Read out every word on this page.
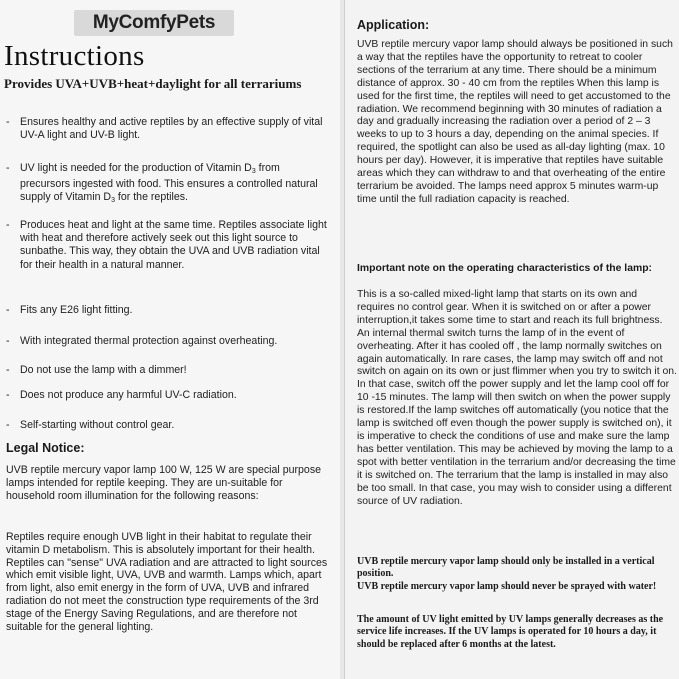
MyComfyPets
Instructions
Provides UVA+UVB+heat+daylight for all terrariums
- Ensures healthy and active reptiles by an effective supply of vital UV-A light and UV-B light.
- UV light is needed for the production of Vitamin $D_3$ from precursors ingested with food. This ensures a controlled natural supply of Vitamin $D_3$ for the reptiles.
- Produces heat and light at the same time. Reptiles associate light with heat and therefore actively seek out this light source to sunbathe. This way, they obtain the UVA and UVB radiation vital for their health in a natural manner.
- Fits any E26 light fitting.
- With integrated thermal protection against overheating.
- Do not use the lamp with a dimmer!
- Does not produce any harmful UV-C radiation.
- Self-starting without control gear.
Legal Notice:
UVB reptile mercury vapor lamp 100 W, 125 W are special purpose lamps intended for reptile keeping. They are un-suitable for household room illumination for the following reasons:
Reptiles require enough UVB light in their habitat to regulate their vitamin D metabolism. This is absolutely important for their health. Reptiles can "sense" UVA radiation and are attracted to light sources which emit visible light, UVA, UVB and warmth. Lamps which, apart from light, also emit energy in the form of UVA, UVB and infrared radiation do not meet the construction type requirements of the 3rd stage of the Energy Saving Regulations, and are therefore not suitable for the general lighting.
Application:
UVB reptile mercury vapor lamp should always be positioned in such a way that the reptiles have the opportunity to retreat to cooler sections of the terrarium at any time. There should be a minimum distance of approx. 30 - 40 cm from the reptiles When this lamp is used for the first time, the reptiles will need to get accustomed to the radiation. We recommend beginning with 30 minutes of radiation a day and gradually increasing the radiation over a period of 2 – 3 weeks to up to 3 hours a day, depending on the animal species. If required, the spotlight can also be used as all-day lighting (max. 10 hours per day). However, it is imperative that reptiles have suitable areas which they can withdraw to and that overheating of the entire terrarium be avoided. The lamps need approx 5 minutes warm-up time until the full radiation capacity is reached.
Important note on the operating characteristics of the lamp:
This is a so-called mixed-light lamp that starts on its own and requires no control gear. When it is switched on or after a power interruption,it takes some time to start and reach its full brightness. An internal thermal switch turns the lamp of in the event of overheating. After it has cooled off , the lamp normally switches on again automatically. In rare cases, the lamp may switch off and not switch on again on its own or just flimmer when you try to switch it on. In that case, switch off the power supply and let the lamp cool off for 10 -15 minutes. The lamp will then switch on when the power supply is restored.If the lamp switches off automatically (you notice that the lamp is switched off even though the power supply is switched on), it is imperative to check the conditions of use and make sure the lamp has better ventilation. This may be achieved by moving the lamp to a spot with better ventilation in the terrarium and/or decreasing the time it is switched on. The terrarium that the lamp is installed in may also be too small. In that case, you may wish to consider using a different source of UV radiation.
UVB reptile mercury vapor lamp should only be installed in a vertical position.
UVB reptile mercury vapor lamp should never be sprayed with water!
The amount of UV light emitted by UV lamps generally decreases as the service life increases. If the UV lamps is operated for 10 hours a day, it should be replaced after 6 months at the latest.
